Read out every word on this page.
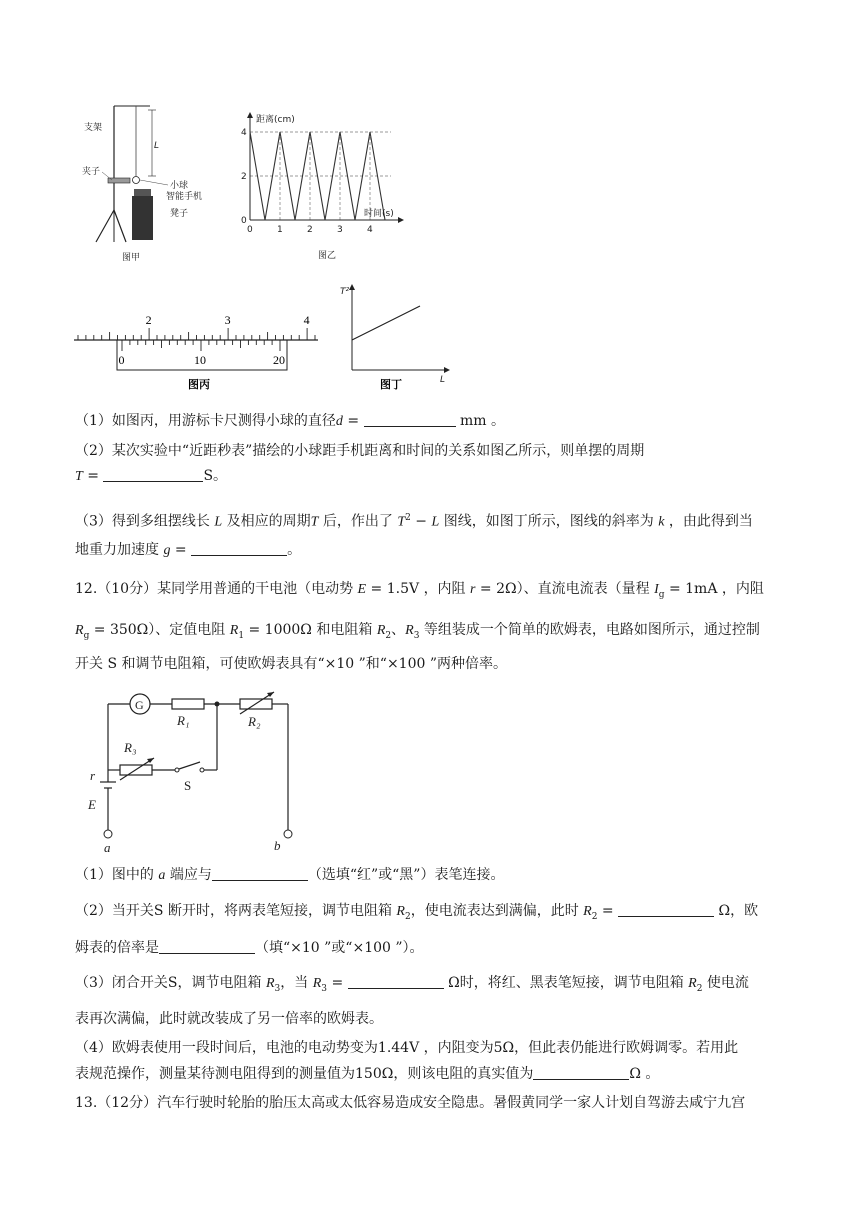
L
支架
夹子
小球
智能手机
凳子
图甲
0	1	2	3	4
0
2
4
距离(cm)
时间(s)
图乙
2	3	4
0	10	20
图丙
T²
L
图丁
（1）如图丙，用游标卡尺测得小球的直径d =	mm 。
（2）某次实验中“近距秒表”描绘的小球距手机距离和时间的关系如图乙所示，则单摆的周期
T =	S。
（3）得到多组摆线长 L 及相应的周期T 后，作出了 $T^2 - L$ 图线，如图丁所示，图线的斜率为 k ，由此得到当
地重力加速度 g =	。
12.（10分）某同学用普通的干电池（电动势 E = 1.5V ，内阻 r = 2Ω）、直流电流表（量程 $I_g = 1mA$ ，内阻
$R_g = 350\Omega$）、定值电阻 $R_1 = 1000\Omega$ 和电阻箱 $R_2$、$R_3$ 等组装成一个简单的欧姆表，电路如图所示，通过控制
开关 S 和调节电阻箱，可使欧姆表具有“×10 ”和“×100 ”两种倍率。
G
R₁	R₂
R₃
S
r
E
a	b
（1）图中的 a 端应与	（选填“红”或“黑”）表笔连接。
（2）当开关S 断开时，将两表笔短接，调节电阻箱 $R_2$，使电流表达到满偏，此时 $R_2$ =	Ω，欧
姆表的倍率是	（填“×10 ”或“×100 ”）。
（3）闭合开关S，调节电阻箱 $R_3$，当 $R_3$ =	Ω时，将红、黑表笔短接，调节电阻箱 $R_2$ 使电流
表再次满偏，此时就改装成了另一倍率的欧姆表。
（4）欧姆表使用一段时间后，电池的电动势变为1.44V ，内阻变为5Ω，但此表仍能进行欧姆调零。若用此
表规范操作，测量某待测电阻得到的测量值为150Ω，则该电阻的真实值为	Ω 。
13.（12分）汽车行驶时轮胎的胎压太高或太低容易造成安全隐患。暑假黄同学一家人计划自驾游去咸宁九宫
